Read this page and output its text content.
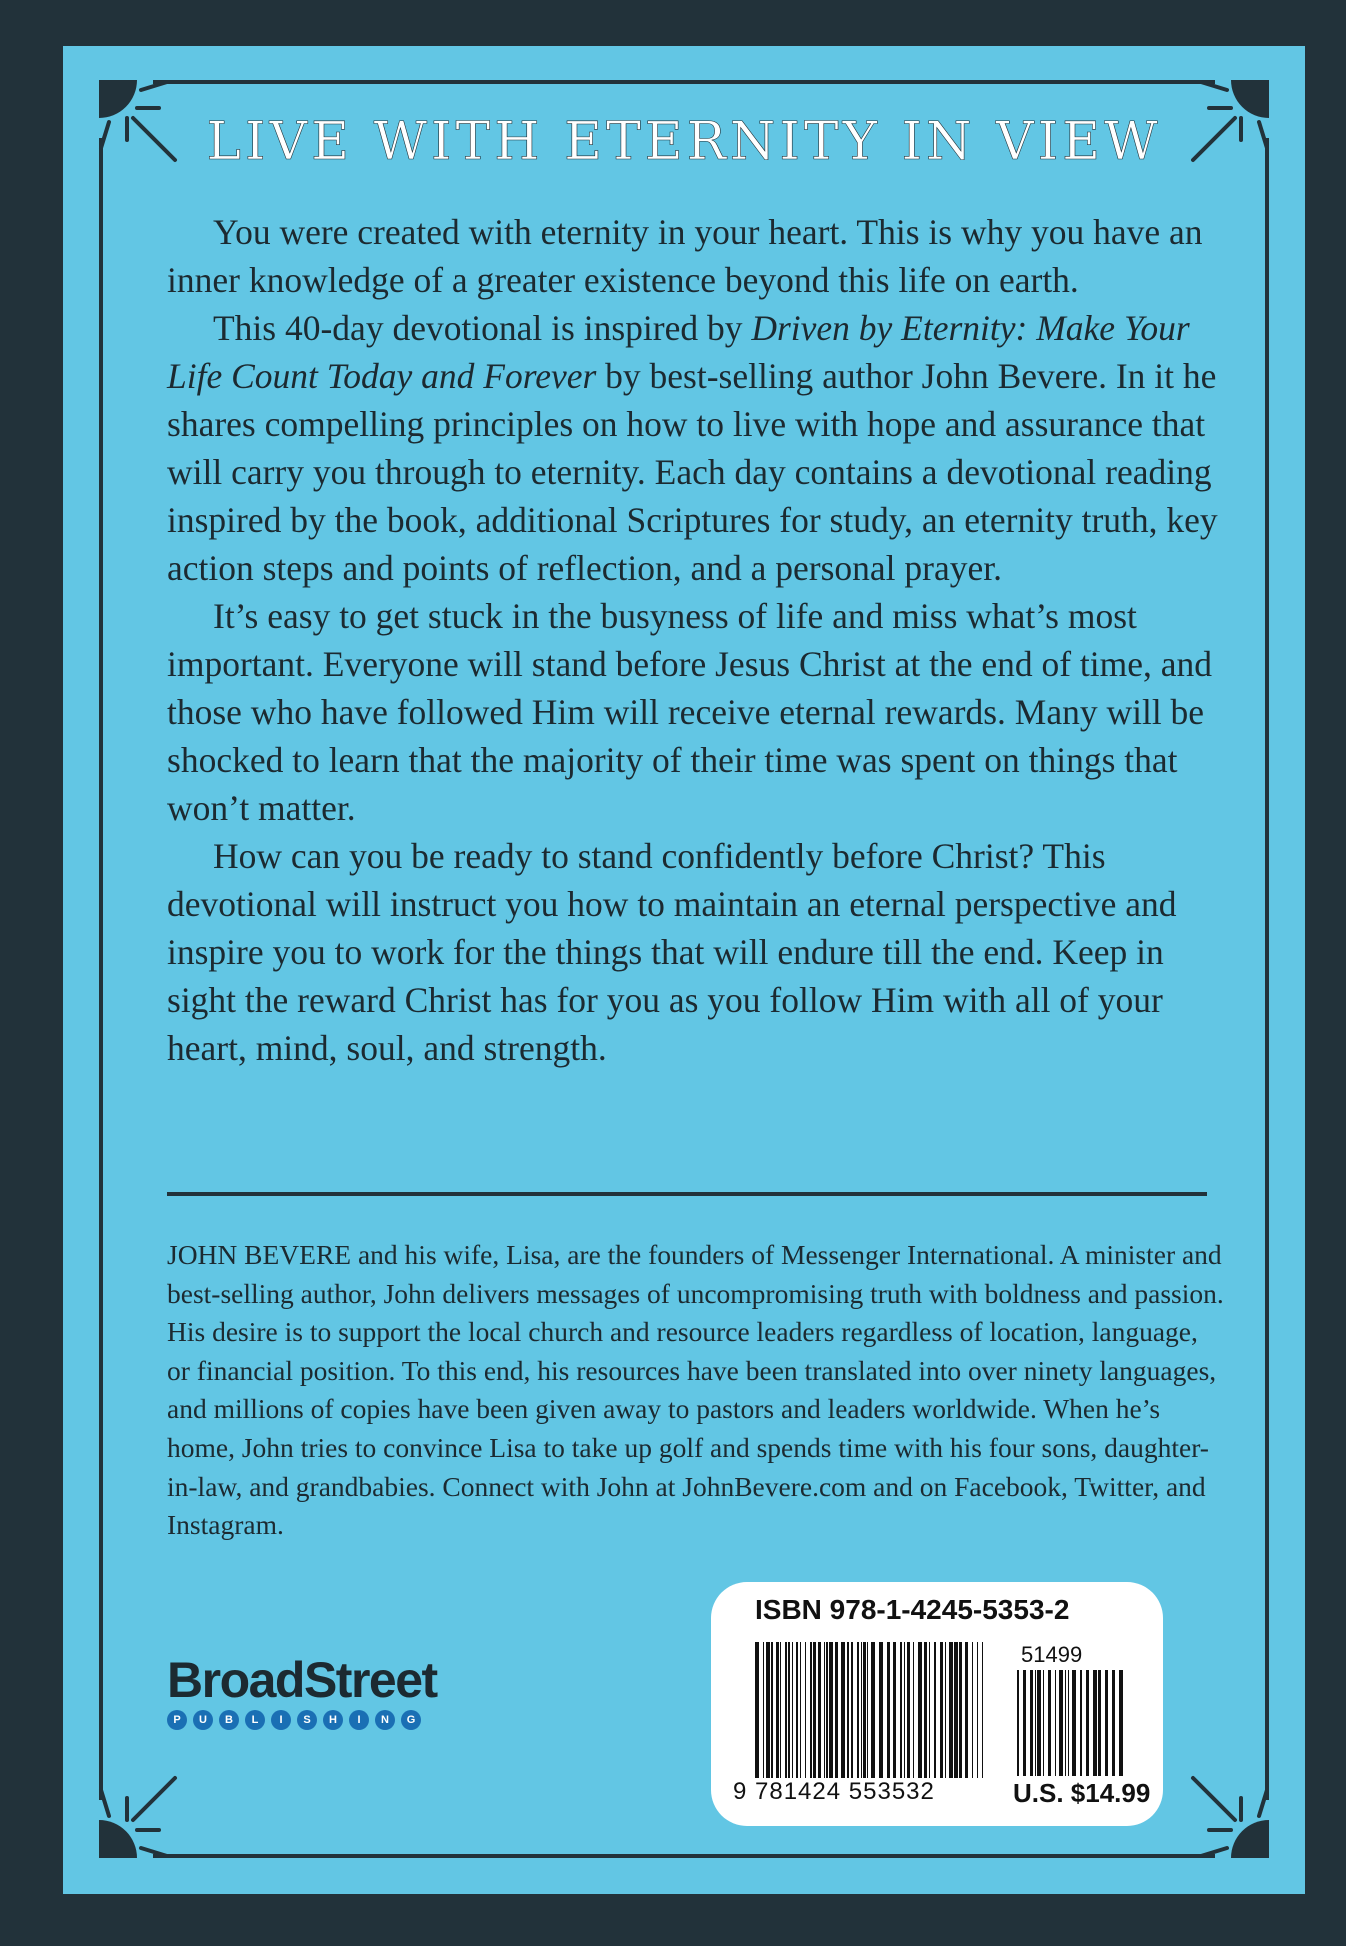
LIVE WITH ETERNITY IN VIEW

You were created with eternity in your heart. This is why you have an inner knowledge of a greater existence beyond this life on earth.

This 40-day devotional is inspired by Driven by Eternity: Make Your Life Count Today and Forever by best-selling author John Bevere. In it he shares compelling principles on how to live with hope and assurance that will carry you through to eternity. Each day contains a devotional reading inspired by the book, additional Scriptures for study, an eternity truth, key action steps and points of reflection, and a personal prayer.

It’s easy to get stuck in the busyness of life and miss what’s most important. Everyone will stand before Jesus Christ at the end of time, and those who have followed Him will receive eternal rewards. Many will be shocked to learn that the majority of their time was spent on things that won’t matter.

How can you be ready to stand confidently before Christ? This devotional will instruct you how to maintain an eternal perspective and inspire you to work for the things that will endure till the end. Keep in sight the reward Christ has for you as you follow Him with all of your heart, mind, soul, and strength.

JOHN BEVERE and his wife, Lisa, are the founders of Messenger International. A minister and best-selling author, John delivers messages of uncompromising truth with boldness and passion. His desire is to support the local church and resource leaders regardless of location, language, or financial position. To this end, his resources have been translated into over ninety languages, and millions of copies have been given away to pastors and leaders worldwide. When he’s home, John tries to convince Lisa to take up golf and spends time with his four sons, daughter-in-law, and grandbabies. Connect with John at JohnBevere.com and on Facebook, Twitter, and Instagram.
BroadStreet
P	U	B	L	I	S	H	I	N	G
ISBN 978-1-4245-5353-2
51499
9 781424 553532	U.S. $14.99
